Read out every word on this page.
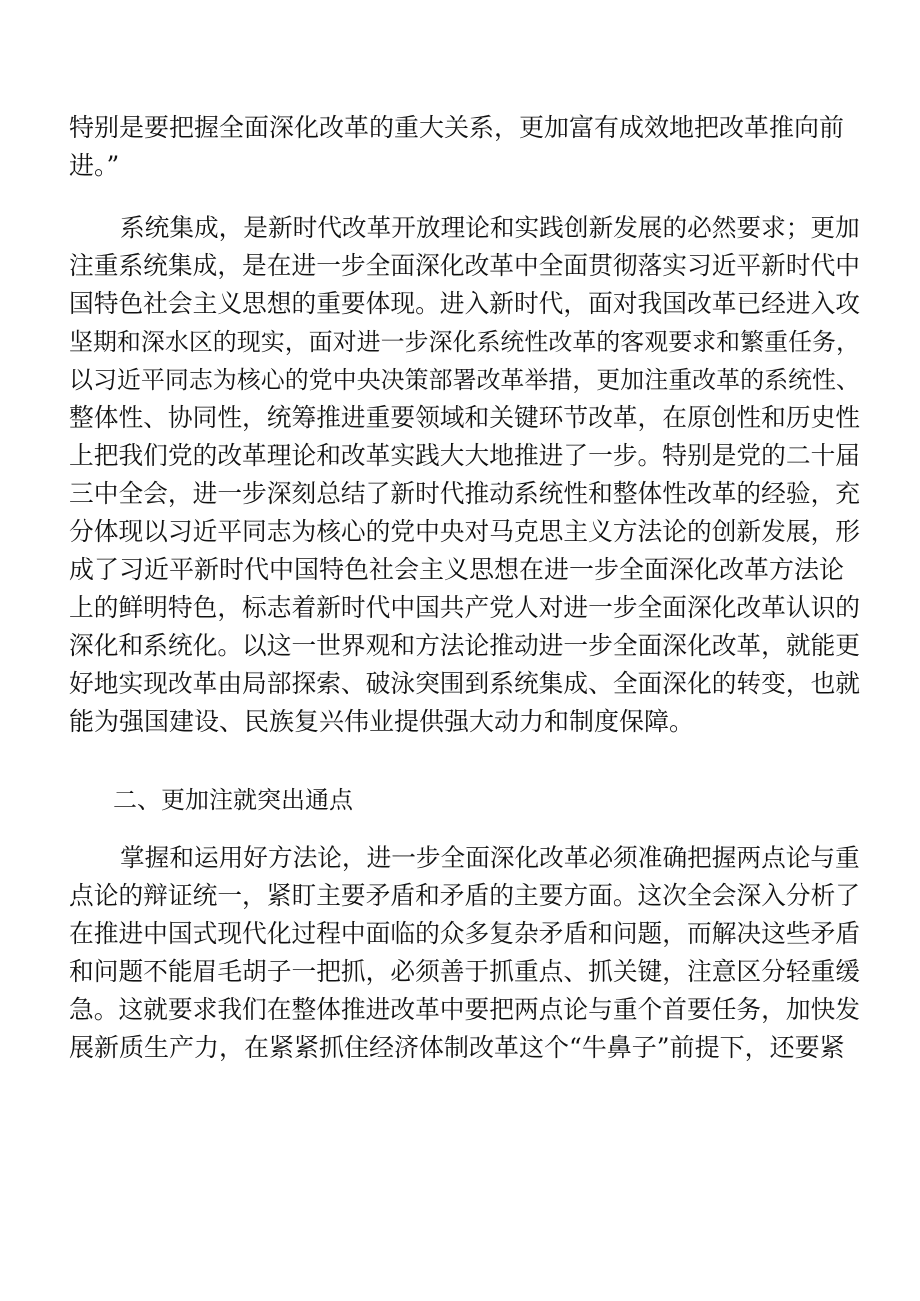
特别是要把握全面深化改革的重大关系，更加富有成效地把改革推向前
进。”
系统集成，是新时代改革开放理论和实践创新发展的必然要求；更加
注重系统集成，是在进一步全面深化改革中全面贯彻落实习近平新时代中
国特色社会主义思想的重要体现。进入新时代，面对我国改革已经进入攻
坚期和深水区的现实，面对进一步深化系统性改革的客观要求和繁重任务，
以习近平同志为核心的党中央决策部署改革举措，更加注重改革的系统性、
整体性、协同性，统筹推进重要领域和关键环节改革，在原创性和历史性
上把我们党的改革理论和改革实践大大地推进了一步。特别是党的二十届
三中全会，进一步深刻总结了新时代推动系统性和整体性改革的经验，充
分体现以习近平同志为核心的党中央对马克思主义方法论的创新发展，形
成了习近平新时代中国特色社会主义思想在进一步全面深化改革方法论
上的鲜明特色，标志着新时代中国共产党人对进一步全面深化改革认识的
深化和系统化。以这一世界观和方法论推动进一步全面深化改革，就能更
好地实现改革由局部探索、破泳突围到系统集成、全面深化的转变，也就
能为强国建设、民族复兴伟业提供强大动力和制度保障。
二、更加注就突出通点
掌握和运用好方法论，进一步全面深化改革必须准确把握两点论与重
点论的辩证统一，紧盯主要矛盾和矛盾的主要方面。这次全会深入分析了
在推进中国式现代化过程中面临的众多复杂矛盾和问题，而解决这些矛盾
和问题不能眉毛胡子一把抓，必须善于抓重点、抓关键，注意区分轻重缓
急。这就要求我们在整体推进改革中要把两点论与重个首要任务，加快发
展新质生产力，在紧紧抓住经济体制改革这个“牛鼻子”前提下，还要紧
